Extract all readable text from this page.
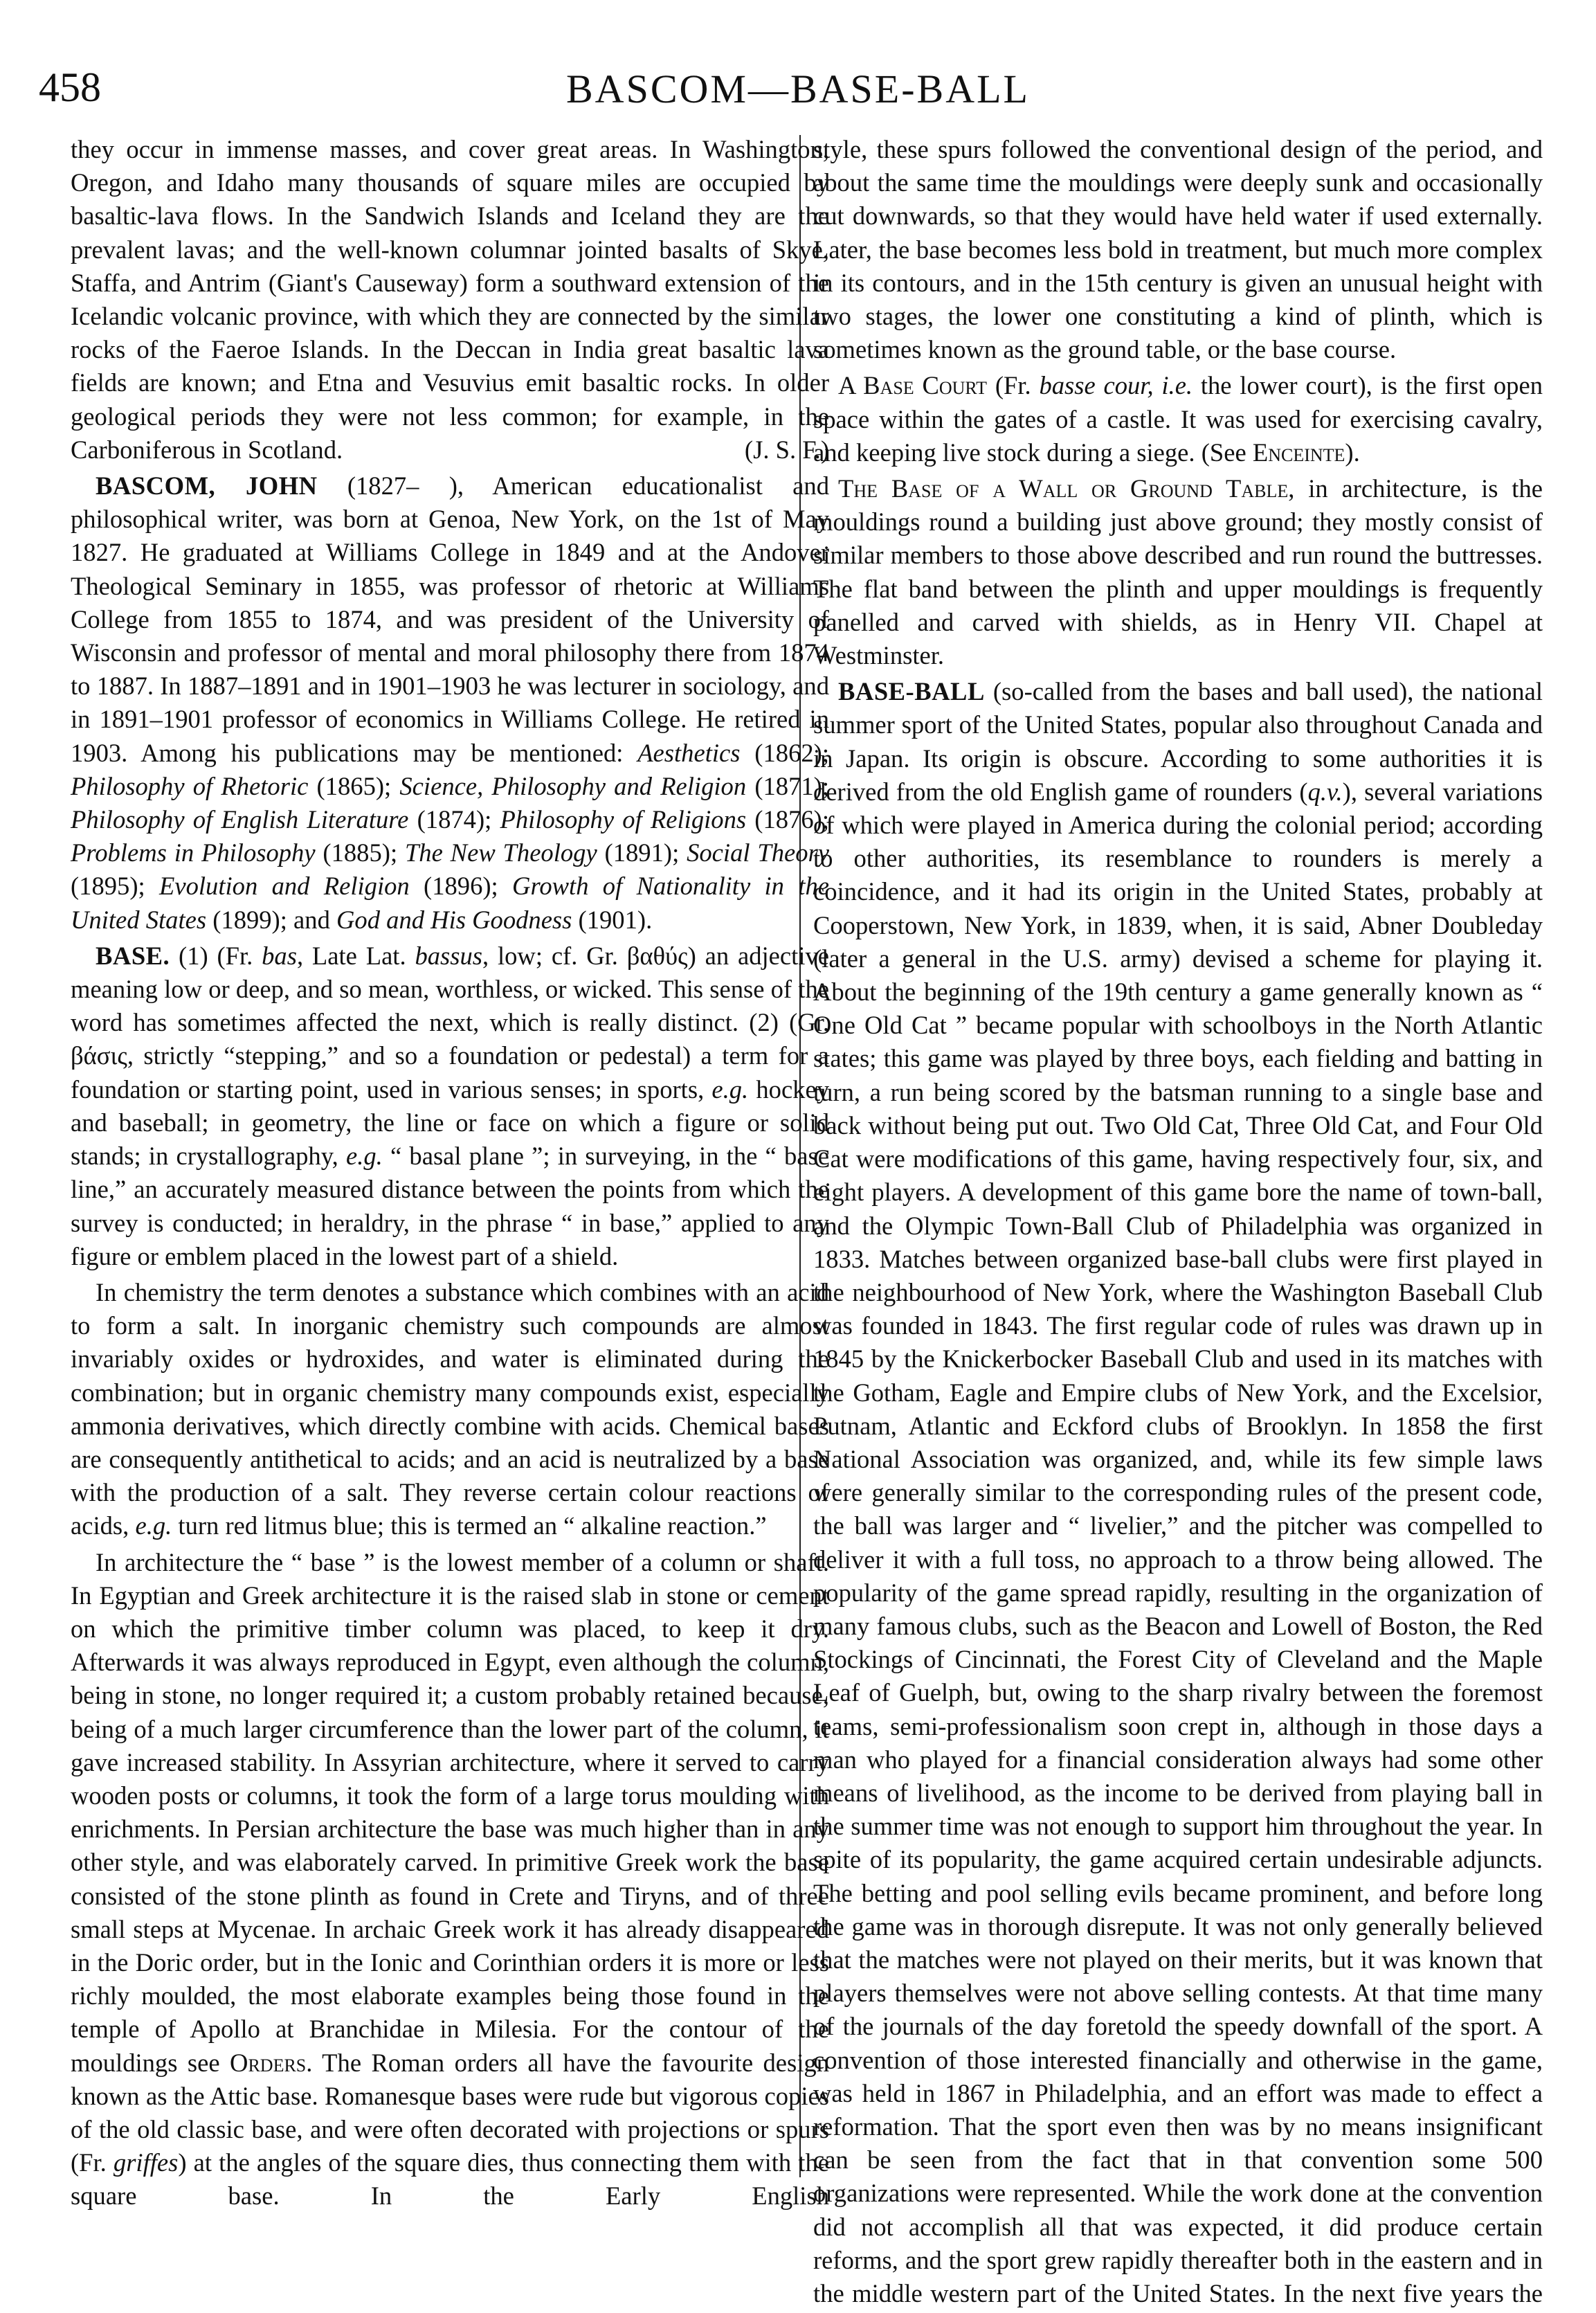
458	BASCOM—BASE-BALL

they occur in immense masses, and cover great areas. In Washington, Oregon, and Idaho many thousands of square miles are occupied by basaltic-lava flows. In the Sandwich Islands and Iceland they are the prevalent lavas; and the well-known columnar jointed basalts of Skye, Staffa, and Antrim (Giant's Causeway) form a southward extension of the Icelandic volcanic province, with which they are connected by the similar rocks of the Faeroe Islands. In the Deccan in India great basaltic lava fields are known; and Etna and Vesuvius emit basaltic rocks. In older geological periods they were not less common; for example, in the Carboniferous in Scotland.	(J. S. F.)

BASCOM, JOHN (1827– ), American educationalist and philosophical writer, was born at Genoa, New York, on the 1st of May 1827. He graduated at Williams College in 1849 and at the Andover Theological Seminary in 1855, was professor of rhetoric at Williams College from 1855 to 1874, and was president of the University of Wisconsin and professor of mental and moral philosophy there from 1874 to 1887. In 1887–1891 and in 1901–1903 he was lecturer in sociology, and in 1891–1901 professor of economics in Williams College. He retired in 1903. Among his publications may be mentioned: Aesthetics (1862); Philosophy of Rhetoric (1865); Science, Philosophy and Religion (1871); Philosophy of English Literature (1874); Philosophy of Religions (1876); Problems in Philosophy (1885); The New Theology (1891); Social Theory (1895); Evolution and Religion (1896); Growth of Nationality in the United States (1899); and God and His Goodness (1901).

BASE. (1) (Fr. bas, Late Lat. bassus, low; cf. Gr. βαθύς) an adjective meaning low or deep, and so mean, worthless, or wicked. This sense of the word has sometimes affected the next, which is really distinct. (2) (Gr. βάσις, strictly “stepping,” and so a foundation or pedestal) a term for a foundation or starting point, used in various senses; in sports, e.g. hockey and baseball; in geometry, the line or face on which a figure or solid stands; in crystallography, e.g. “ basal plane ”; in surveying, in the “ base line,” an accurately measured distance between the points from which the survey is conducted; in heraldry, in the phrase “ in base,” applied to any figure or emblem placed in the lowest part of a shield.

In chemistry the term denotes a substance which combines with an acid to form a salt. In inorganic chemistry such compounds are almost invariably oxides or hydroxides, and water is eliminated during the combination; but in organic chemistry many compounds exist, especially ammonia derivatives, which directly combine with acids. Chemical bases are consequently antithetical to acids; and an acid is neutralized by a base with the production of a salt. They reverse certain colour reactions of acids, e.g. turn red litmus blue; this is termed an “ alkaline reaction.”

In architecture the “ base ” is the lowest member of a column or shaft. In Egyptian and Greek architecture it is the raised slab in stone or cement on which the primitive timber column was placed, to keep it dry. Afterwards it was always reproduced in Egypt, even although the column, being in stone, no longer required it; a custom probably retained because, being of a much larger circumference than the lower part of the column, it gave increased stability. In Assyrian architecture, where it served to carry wooden posts or columns, it took the form of a large torus moulding with enrichments. In Persian architecture the base was much higher than in any other style, and was elaborately carved. In primitive Greek work the base consisted of the stone plinth as found in Crete and Tiryns, and of three small steps at Mycenae. In archaic Greek work it has already disappeared in the Doric order, but in the Ionic and Corinthian orders it is more or less richly moulded, the most elaborate examples being those found in the temple of Apollo at Branchidae in Milesia. For the contour of the mouldings see Orders. The Roman orders all have the favourite design known as the Attic base. Romanesque bases were rude but vigorous copies of the old classic base, and were often decorated with projections or spurs (Fr. griffes) at the angles of the square dies, thus connecting them with the square base. In the Early English

style, these spurs followed the conventional design of the period, and about the same time the mouldings were deeply sunk and occasionally cut downwards, so that they would have held water if used externally. Later, the base becomes less bold in treatment, but much more complex in its contours, and in the 15th century is given an unusual height with two stages, the lower one constituting a kind of plinth, which is sometimes known as the ground table, or the base course.

A Base Court (Fr. basse cour, i.e. the lower court), is the first open space within the gates of a castle. It was used for exercising cavalry, and keeping live stock during a siege. (See Enceinte).

The Base of a Wall or Ground Table, in architecture, is the mouldings round a building just above ground; they mostly consist of similar members to those above described and run round the buttresses. The flat band between the plinth and upper mouldings is frequently panelled and carved with shields, as in Henry VII. Chapel at Westminster.

BASE-BALL (so-called from the bases and ball used), the national summer sport of the United States, popular also throughout Canada and in Japan. Its origin is obscure. According to some authorities it is derived from the old English game of rounders (q.v.), several variations of which were played in America during the colonial period; according to other authorities, its resemblance to rounders is merely a coincidence, and it had its origin in the United States, probably at Cooperstown, New York, in 1839, when, it is said, Abner Doubleday (later a general in the U.S. army) devised a scheme for playing it. About the beginning of the 19th century a game generally known as “ One Old Cat ” became popular with schoolboys in the North Atlantic states; this game was played by three boys, each fielding and batting in turn, a run being scored by the batsman running to a single base and back without being put out. Two Old Cat, Three Old Cat, and Four Old Cat were modifications of this game, having respectively four, six, and eight players. A development of this game bore the name of town-ball, and the Olympic Town-Ball Club of Philadelphia was organized in 1833. Matches between organized base-ball clubs were first played in the neighbourhood of New York, where the Washington Baseball Club was founded in 1843. The first regular code of rules was drawn up in 1845 by the Knickerbocker Baseball Club and used in its matches with the Gotham, Eagle and Empire clubs of New York, and the Excelsior, Putnam, Atlantic and Eckford clubs of Brooklyn. In 1858 the first National Association was organized, and, while its few simple laws were generally similar to the corresponding rules of the present code, the ball was larger and “ livelier,” and the pitcher was compelled to deliver it with a full toss, no approach to a throw being allowed. The popularity of the game spread rapidly, resulting in the organization of many famous clubs, such as the Beacon and Lowell of Boston, the Red Stockings of Cincinnati, the Forest City of Cleveland and the Maple Leaf of Guelph, but, owing to the sharp rivalry between the foremost teams, semi-professionalism soon crept in, although in those days a man who played for a financial consideration always had some other means of livelihood, as the income to be derived from playing ball in the summer time was not enough to support him throughout the year. In spite of its popularity, the game acquired certain undesirable adjuncts. The betting and pool selling evils became prominent, and before long the game was in thorough disrepute. It was not only generally believed that the matches were not played on their merits, but it was known that players themselves were not above selling contests. At that time many of the journals of the day foretold the speedy downfall of the sport. A convention of those interested financially and otherwise in the game, was held in 1867 in Philadelphia, and an effort was made to effect a reformation. That the sport even then was by no means insignificant can be seen from the fact that in that convention some 500 organizations were represented. While the work done at the convention did not accomplish all that was expected, it did produce certain reforms, and the sport grew rapidly thereafter both in the eastern and in the middle western part of the United States. In the next five years the
